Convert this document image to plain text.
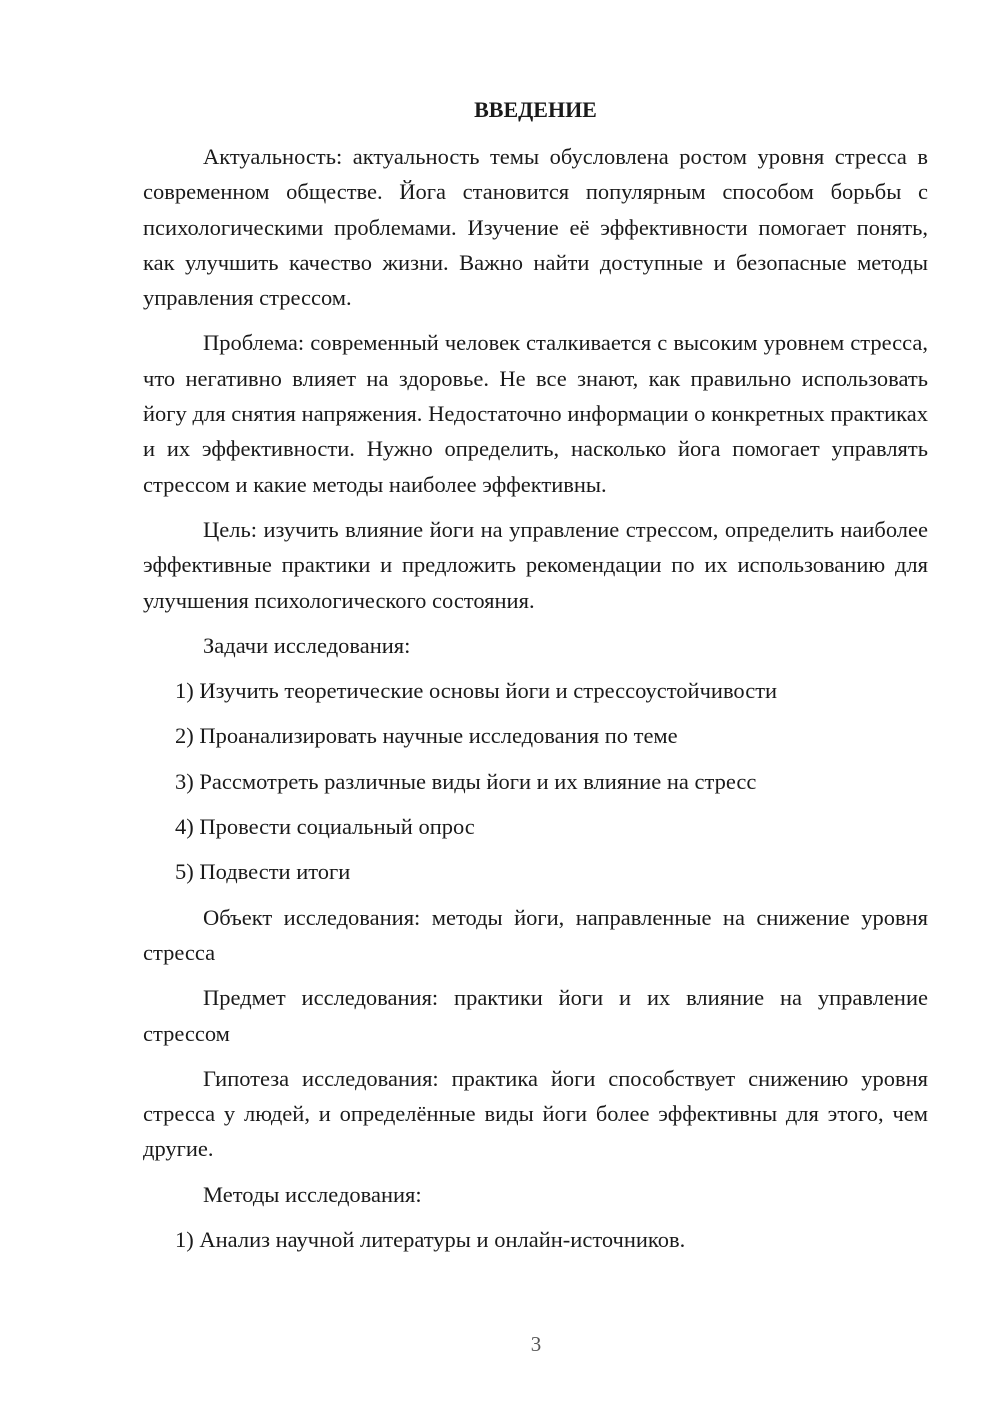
ВВЕДЕНИЕ

Актуальность: актуальность темы обусловлена ростом уровня стресса в современном обществе. Йога становится популярным способом борьбы с психологическими проблемами. Изучение её эффективности помогает понять, как улучшить качество жизни. Важно найти доступные и безопасные методы управления стрессом.

Проблема: современный человек сталкивается с высоким уровнем стресса, что негативно влияет на здоровье. Не все знают, как правильно использовать йогу для снятия напряжения. Недостаточно информации о конкретных практиках и их эффективности. Нужно определить, насколько йога помогает управлять стрессом и какие методы наиболее эффективны.

Цель: изучить влияние йоги на управление стрессом, определить наиболее эффективные практики и предложить рекомендации по их использованию для улучшения психологического состояния.

Задачи исследования:

1) Изучить теоретические основы йоги и стрессоустойчивости
2) Проанализировать научные исследования по теме
3) Рассмотреть различные виды йоги и их влияние на стресс
4) Провести социальный опрос
5) Подвести итоги

Объект исследования: методы йоги, направленные на снижение уровня стресса

Предмет исследования: практики йоги и их влияние на управление стрессом

Гипотеза исследования: практика йоги способствует снижению уровня стресса у людей, и определённые виды йоги более эффективны для этого, чем другие.

Методы исследования:

1) Анализ научной литературы и онлайн-источников.
3
